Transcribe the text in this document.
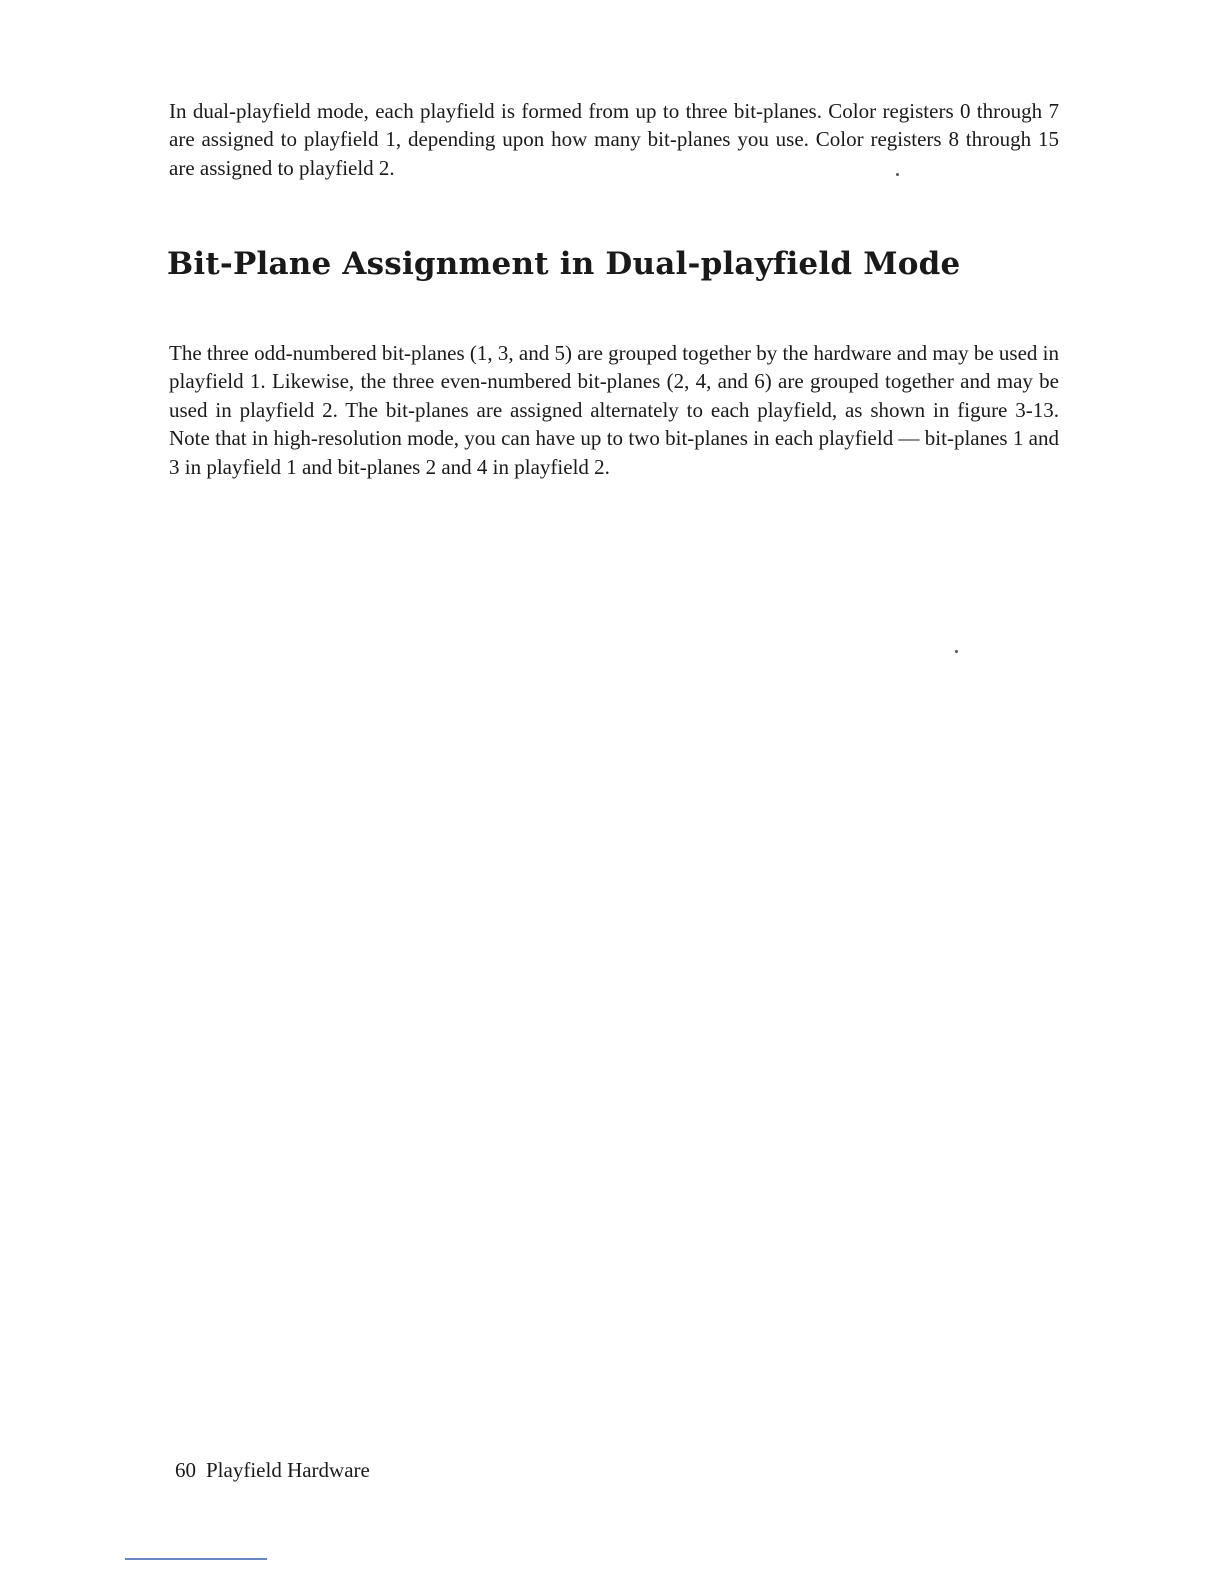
In dual-playfield mode, each playfield is formed from up to three bit-planes. Color registers 0 through 7 are assigned to playfield 1, depending upon how many bit-planes you use. Color registers 8 through 15 are assigned to playfield 2.

Bit-Plane Assignment in Dual-playfield Mode

The three odd-numbered bit-planes (1, 3, and 5) are grouped together by the hardware and may be used in playfield 1. Likewise, the three even-numbered bit-planes (2, 4, and 6) are grouped together and may be used in playfield 2. The bit-planes are assigned alternately to each playfield, as shown in figure 3-13. Note that in high-resolution mode, you can have up to two bit-planes in each playfield — bit-planes 1 and 3 in playfield 1 and bit-planes 2 and 4 in playfield 2.

60 Playfield Hardware
